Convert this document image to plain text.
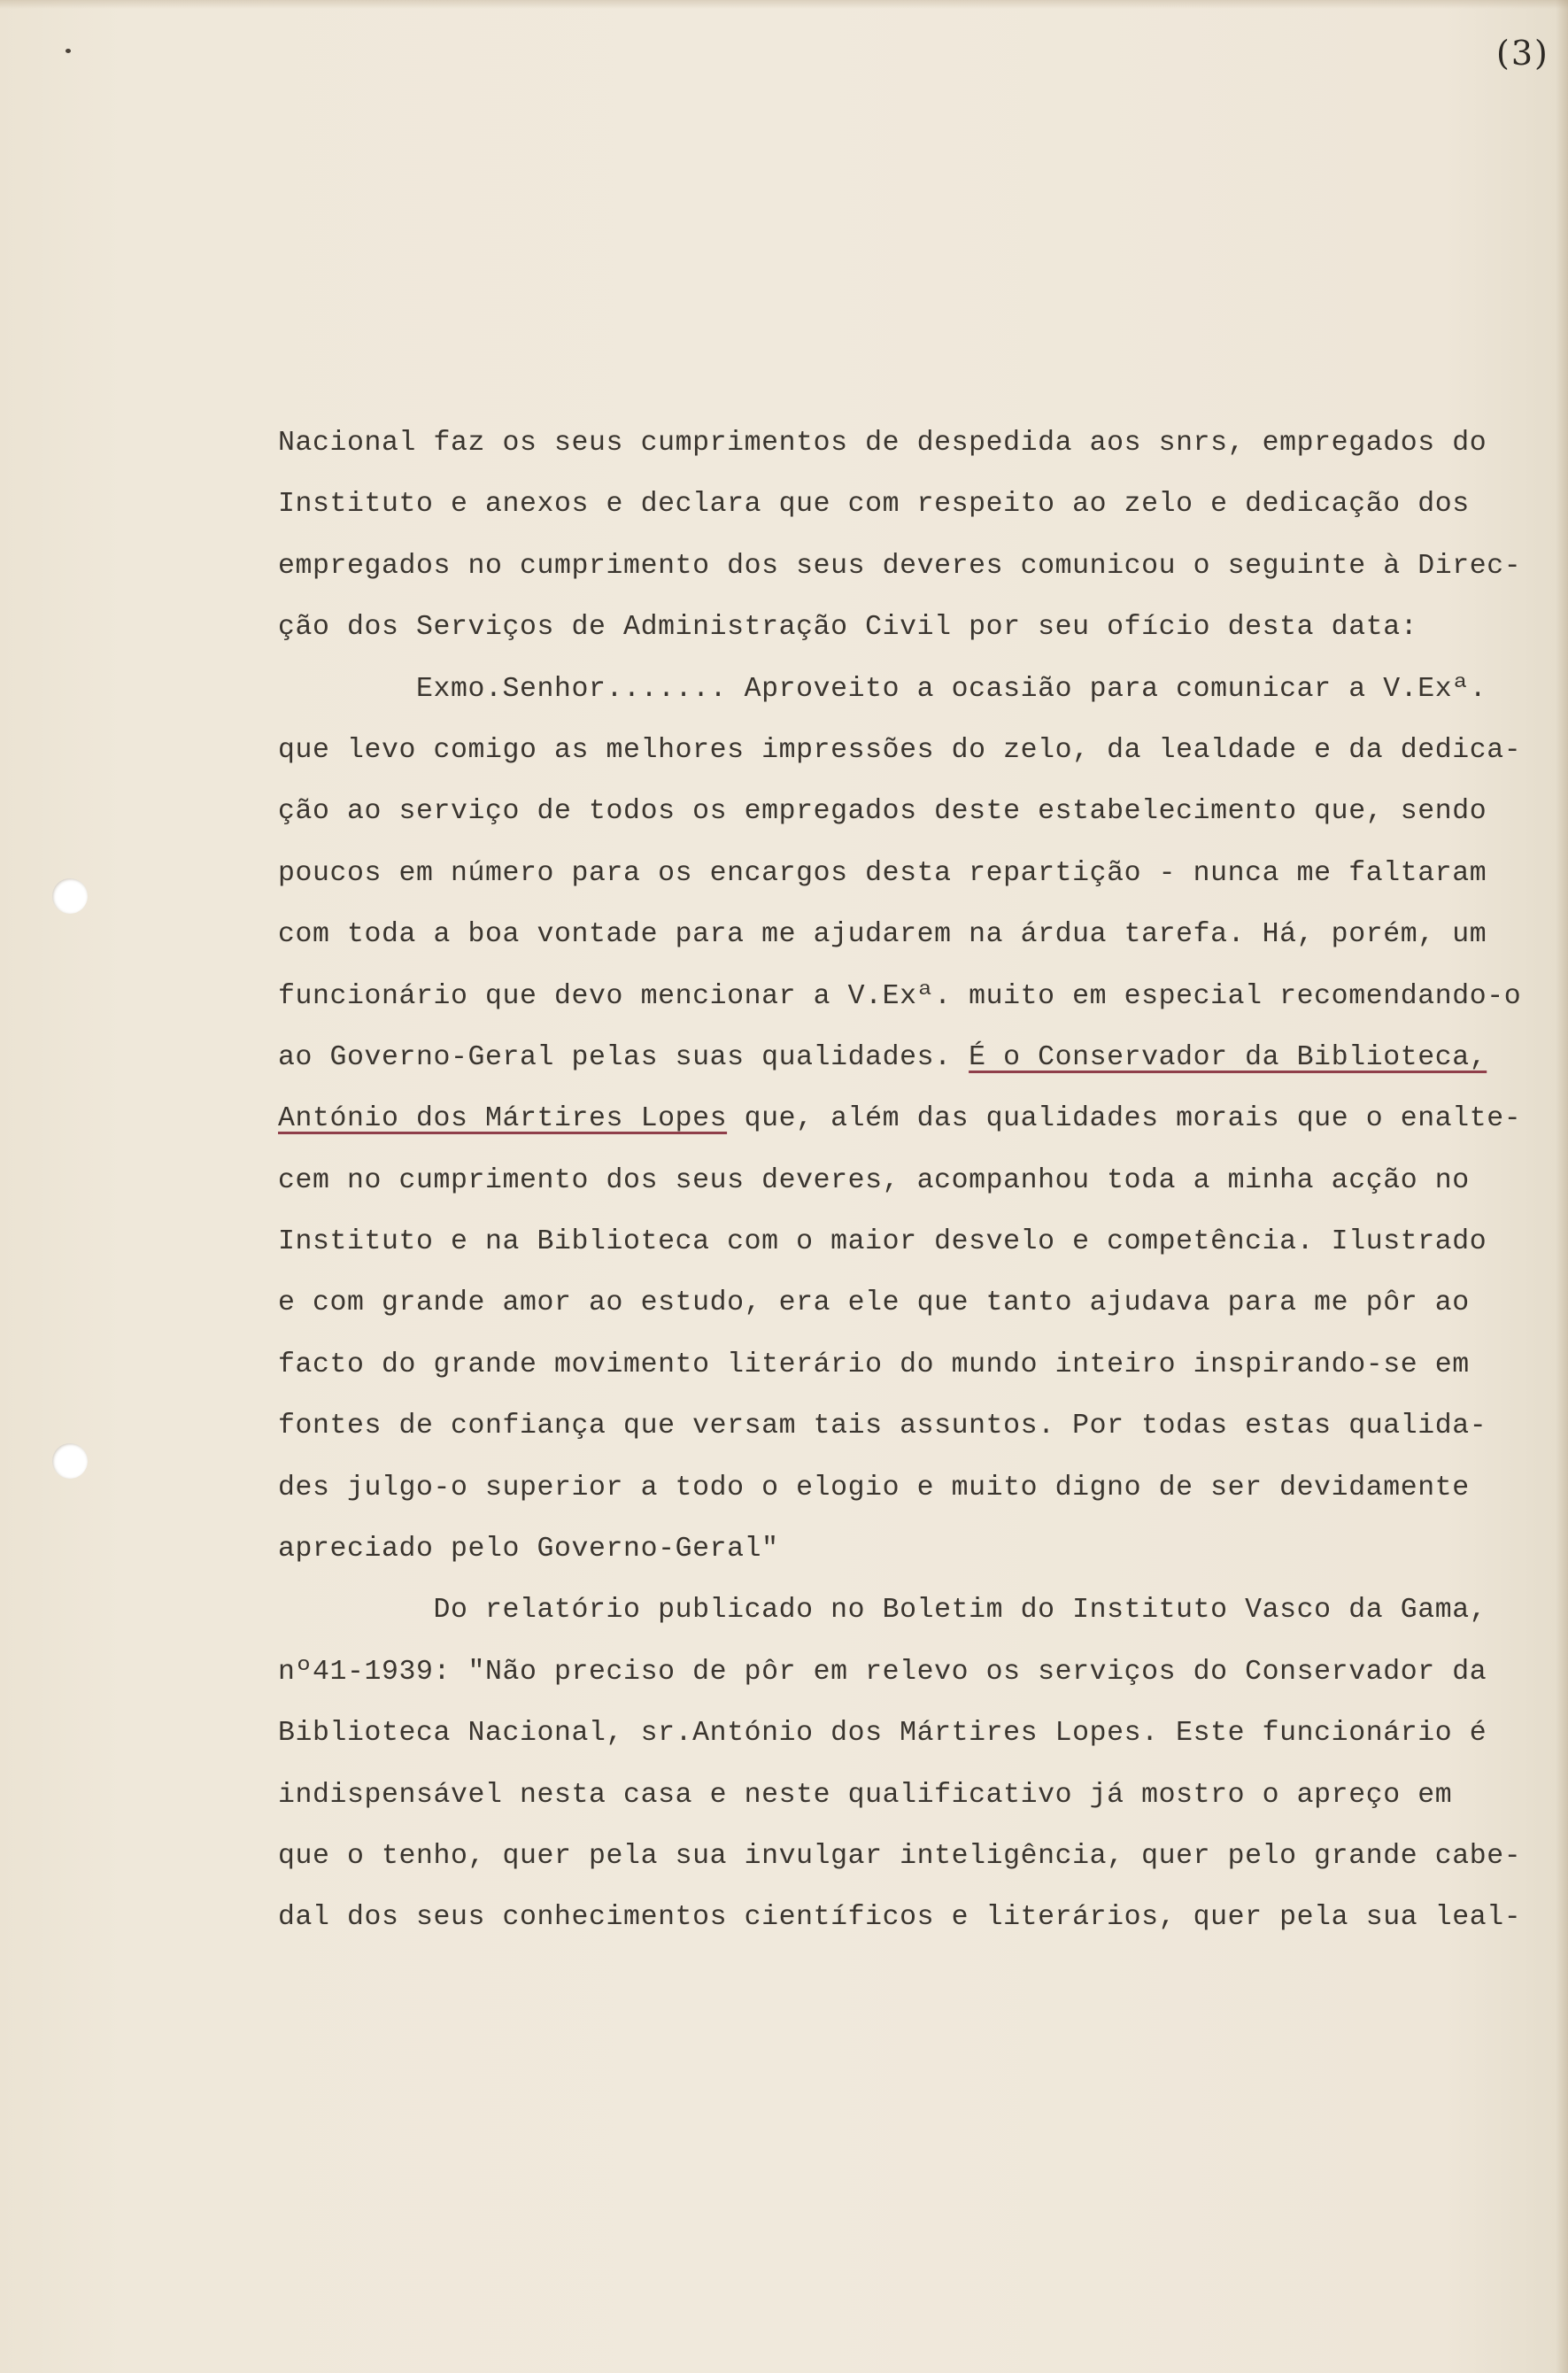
(3)
Nacional faz os seus cumprimentos de despedida aos snrs, empregados do
Instituto e anexos e declara que com respeito ao zelo e dedicação dos
empregados no cumprimento dos seus deveres comunicou o seguinte à Direc-
ção dos Serviços de Administração Civil por seu ofício desta data:
Exmo.Senhor....... Aproveito a ocasião para comunicar a V.Exª.
que levo comigo as melhores impressões do zelo, da lealdade e da dedica-
ção ao serviço de todos os empregados deste estabelecimento que, sendo
poucos em número para os encargos desta repartição - nunca me faltaram
com toda a boa vontade para me ajudarem na árdua tarefa. Há, porém, um
funcionário que devo mencionar a V.Exª. muito em especial recomendando-o
ao Governo-Geral pelas suas qualidades. É o Conservador da Biblioteca,
António dos Mártires Lopes que, além das qualidades morais que o enalte-
cem no cumprimento dos seus deveres, acompanhou toda a minha acção no
Instituto e na Biblioteca com o maior desvelo e competência. Ilustrado
e com grande amor ao estudo, era ele que tanto ajudava para me pôr ao
facto do grande movimento literário do mundo inteiro inspirando-se em
fontes de confiança que versam tais assuntos. Por todas estas qualida-
des julgo-o superior a todo o elogio e muito digno de ser devidamente
apreciado pelo Governo-Geral"
Do relatório publicado no Boletim do Instituto Vasco da Gama,
nº41-1939: "Não preciso de pôr em relevo os serviços do Conservador da
Biblioteca Nacional, sr.António dos Mártires Lopes. Este funcionário é
indispensável nesta casa e neste qualificativo já mostro o apreço em
que o tenho, quer pela sua invulgar inteligência, quer pelo grande cabe-
dal dos seus conhecimentos científicos e literários, quer pela sua leal-
